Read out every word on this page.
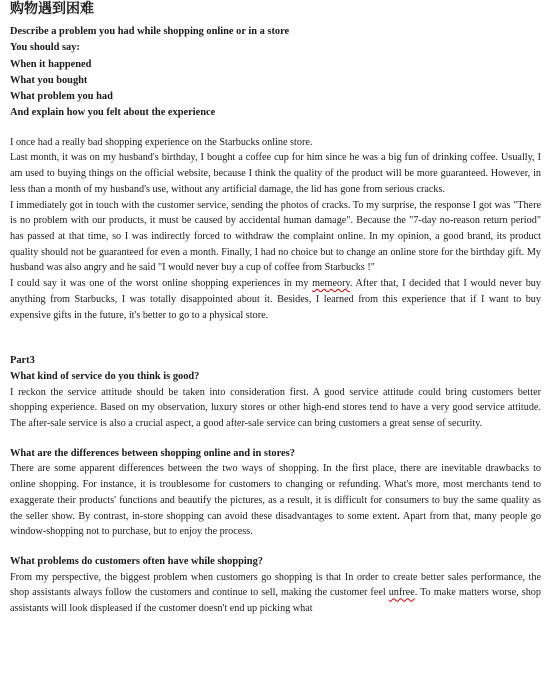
购物遇到困难

Describe a problem you had while shopping online or in a store

You should say:

When it happened

What you bought

What problem you had

And explain how you felt about the experience

I once had a really bad shopping experience on the Starbucks online store.

Last month, it was on my husband's birthday, I bought a coffee cup for him since he was a big fun of drinking coffee. Usually, I am used to buying things on the official website, because I think the quality of the product will be more guaranteed. However, in less than a month of my husband's use, without any artificial damage, the lid has gone from serious cracks.

I immediately got in touch with the customer service, sending the photos of cracks. To my surprise, the response I got was "There is no problem with our products, it must be caused by accidental human damage". Because the "7-day no-reason return period" has passed at that time, so I was indirectly forced to withdraw the complaint online. In my opinion, a good brand, its product quality should not be guaranteed for even a month. Finally, I had no choice but to change an online store for the birthday gift. My husband was also angry and he said "I would never buy a cup of coffee from Starbucks !"

I could say it was one of the worst online shopping experiences in my memeory. After that, I decided that I would never buy anything from Starbucks, I was totally disappointed about it. Besides, I learned from this experience that if I want to buy expensive gifts in the future, it's better to go to a physical store.

Part3

What kind of service do you think is good?

I reckon the service attitude should be taken into consideration first. A good service attitude could bring customers better shopping experience. Based on my observation, luxury stores or other high-end stores tend to have a very good service attitude. The after-sale service is also a crucial aspect, a good after-sale service can bring customers a great sense of security.

What are the differences between shopping online and in stores?

There are some apparent differences between the two ways of shopping. In the first place, there are inevitable drawbacks to online shopping. For instance, it is troublesome for customers to changing or refunding. What's more, most merchants tend to exaggerate their products' functions and beautify the pictures, as a result, it is difficult for consumers to buy the same quality as the seller show. By contrast, in-store shopping can avoid these disadvantages to some extent. Apart from that, many people go window-shopping not to purchase, but to enjoy the process.

What problems do customers often have while shopping?

From my perspective, the biggest problem when customers go shopping is that In order to create better sales performance, the shop assistants always follow the customers and continue to sell, making the customer feel unfree. To make matters worse, shop assistants will look displeased if the customer doesn't end up picking what
